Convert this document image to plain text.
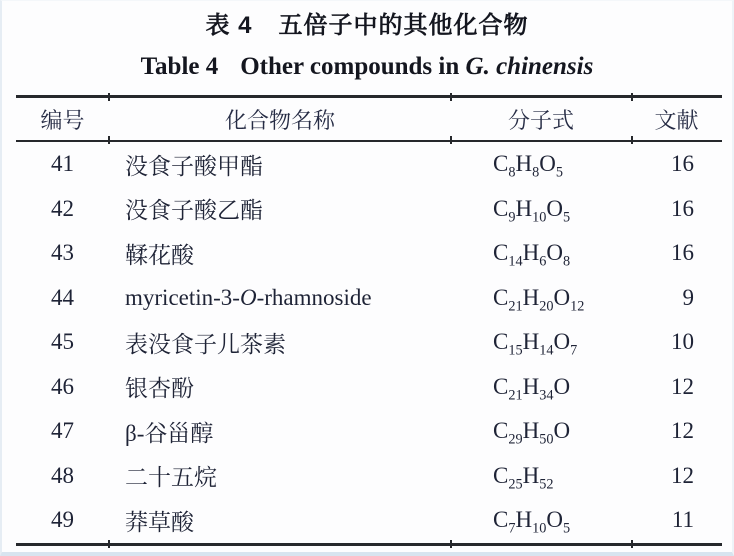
表 4 五倍子中的其他化合物
Table 4 Other compounds in G. chinensis
编号	化合物名称	分子式	文献
41	没食子酸甲酯	$C_8H_8O_5$	16
42	没食子酸乙酯	$C_9H_{10}O_5$	16
43	鞣花酸	$C_{14}H_6O_8$	16
44	myricetin-3-O-rhamnoside	$C_{21}H_{20}O_{12}$	9
45	表没食子儿茶素	$C_{15}H_{14}O_7$	10
46	银杏酚	$C_{21}H_{34}O$	12
47	β-谷甾醇	$C_{29}H_{50}O$	12
48	二十五烷	$C_{25}H_{52}$	12
49	莽草酸	$C_7H_{10}O_5$	11
